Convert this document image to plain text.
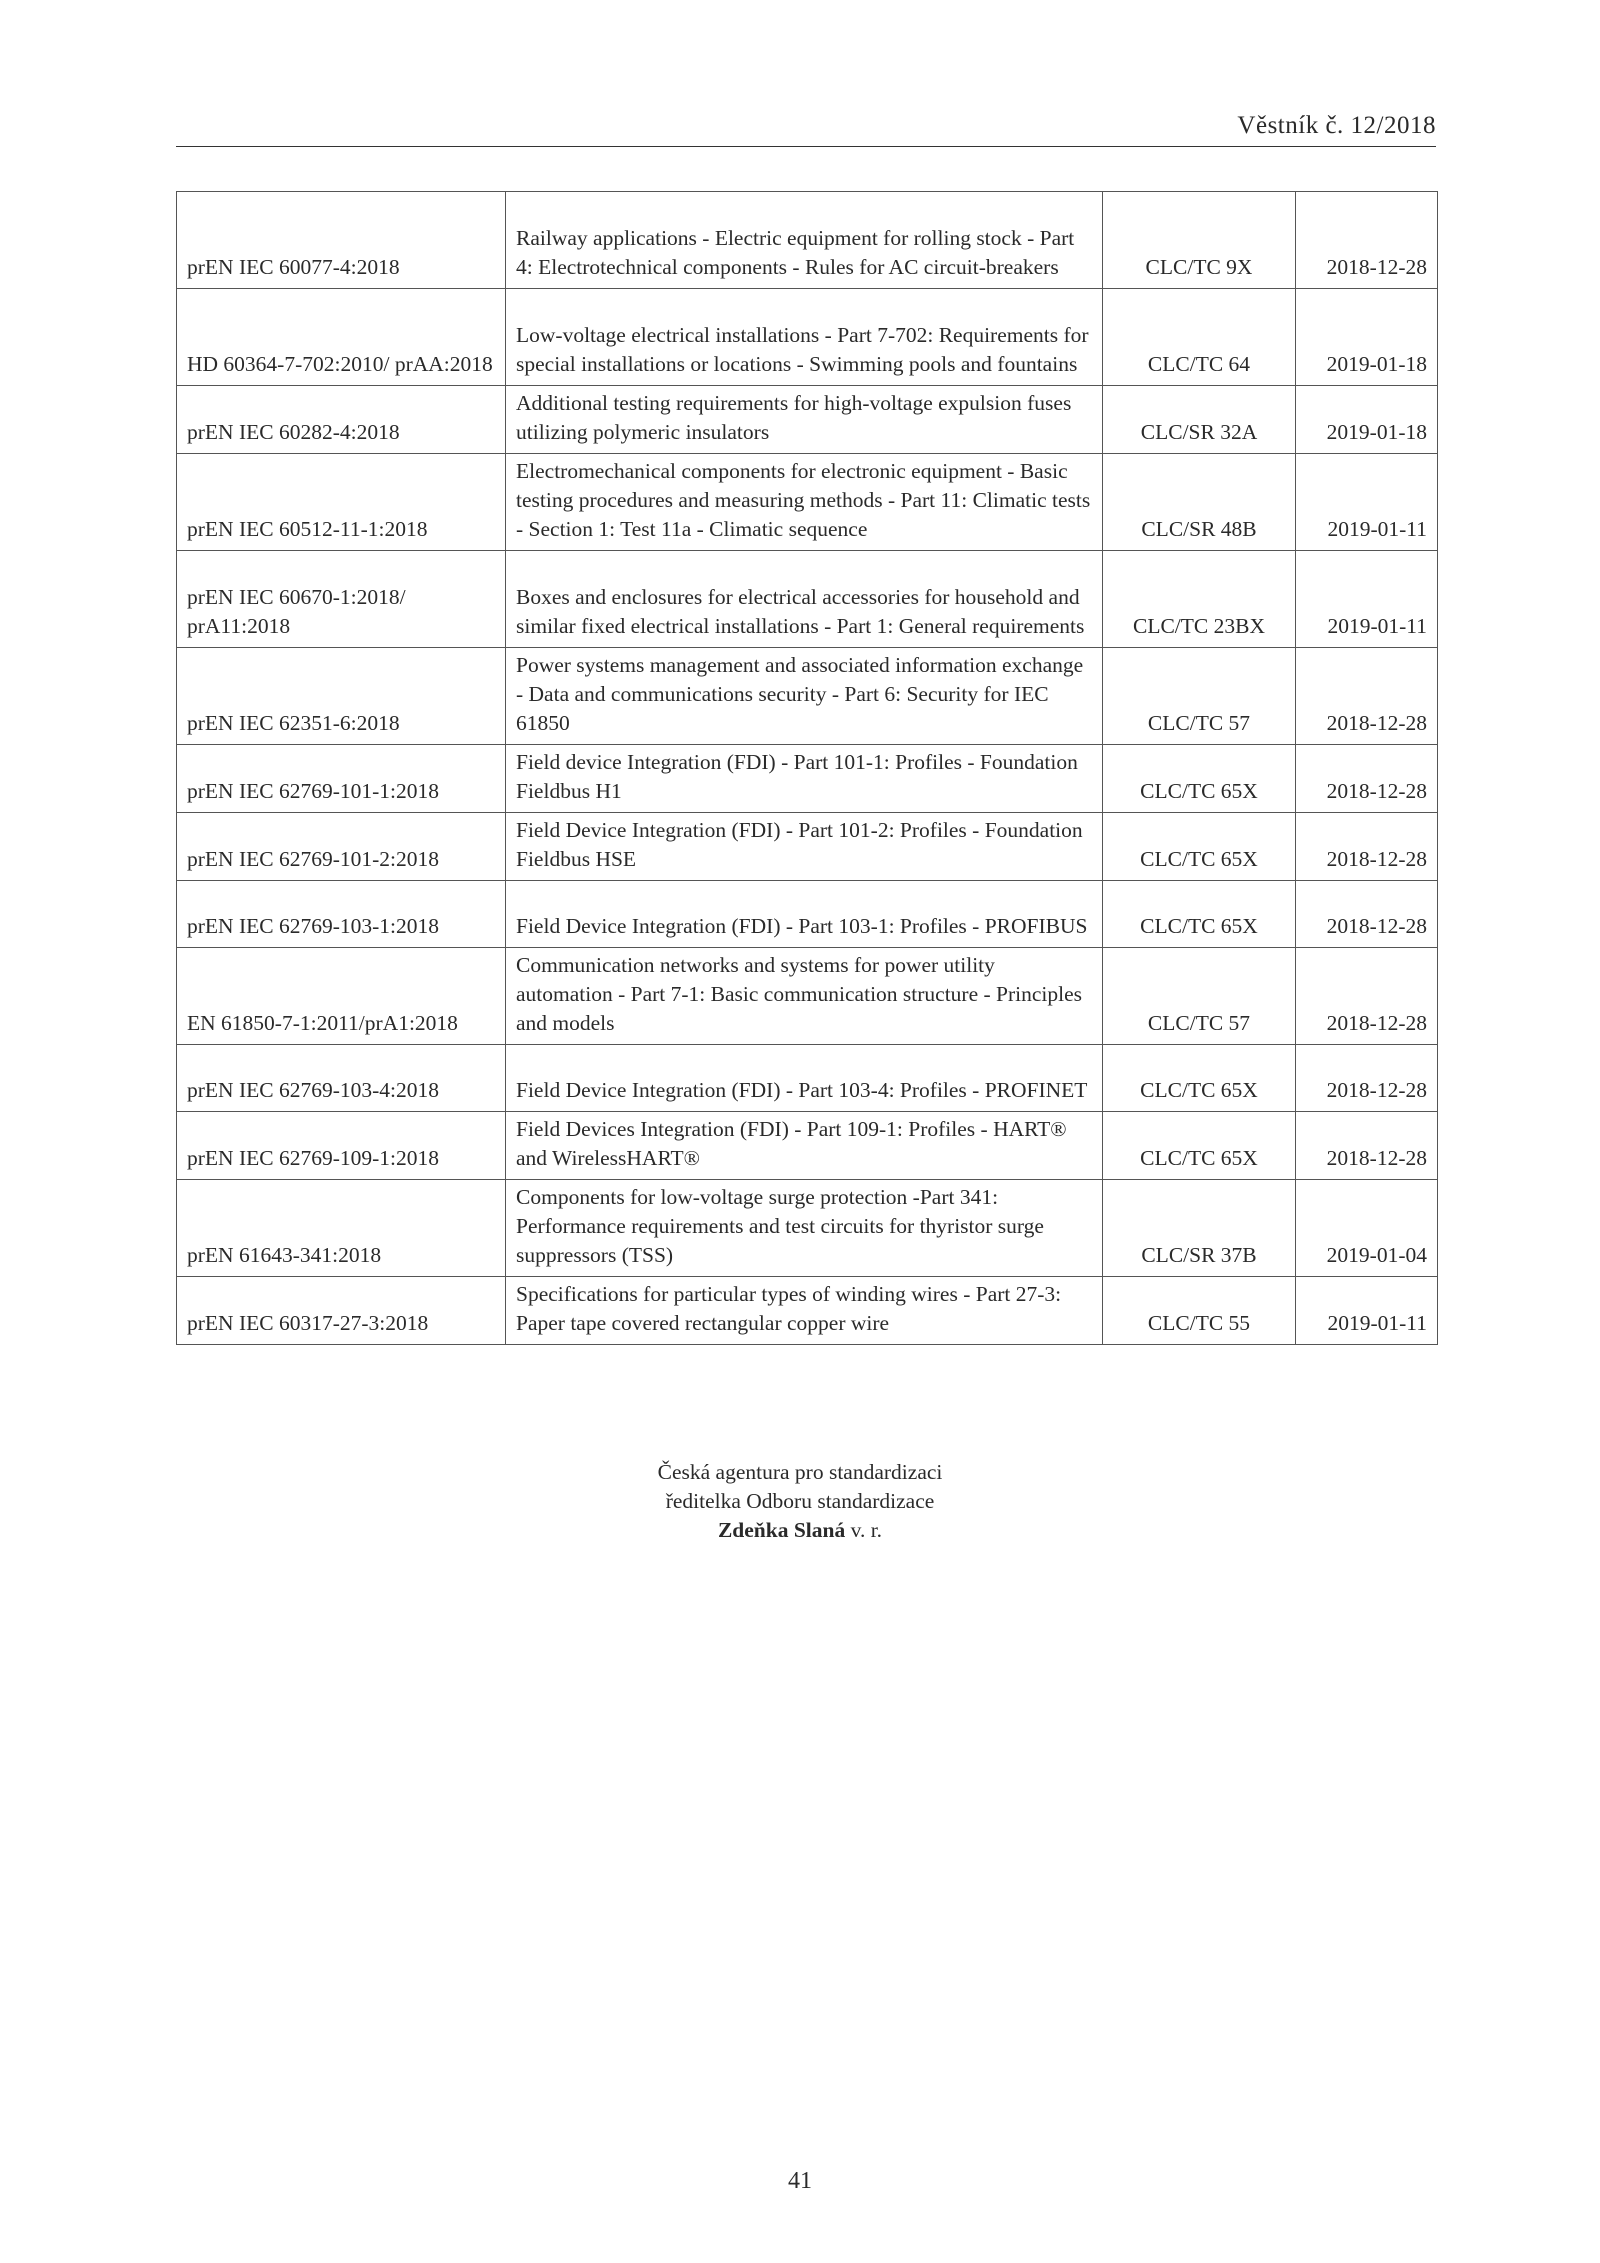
Věstník č. 12/2018
prEN IEC 60077-4:2018	Railway applications - Electric equipment for rolling stock - Part 4: Electrotechnical components - Rules for AC circuit-breakers	CLC/TC 9X	2018-12-28
HD 60364-7-702:2010/ prAA:2018	Low-voltage electrical installations - Part 7-702: Requirements for special installations or locations - Swimming pools and fountains	CLC/TC 64	2019-01-18
prEN IEC 60282-4:2018	Additional testing requirements for high-voltage expulsion fuses utilizing polymeric insulators	CLC/SR 32A	2019-01-18
prEN IEC 60512-11-1:2018	Electromechanical components for electronic equipment - Basic testing procedures and measuring methods - Part 11: Climatic tests - Section 1: Test 11a - Climatic sequence	CLC/SR 48B	2019-01-11
prEN IEC 60670-1:2018/ prA11:2018	Boxes and enclosures for electrical accessories for household and similar fixed electrical installations - Part 1: General requirements	CLC/TC 23BX	2019-01-11
prEN IEC 62351-6:2018	Power systems management and associated information exchange - Data and communications security - Part 6: Security for IEC 61850	CLC/TC 57	2018-12-28
prEN IEC 62769-101-1:2018	Field device Integration (FDI) - Part 101-1: Profiles - Foundation Fieldbus H1	CLC/TC 65X	2018-12-28
prEN IEC 62769-101-2:2018	Field Device Integration (FDI) - Part 101-2: Profiles - Foundation Fieldbus HSE	CLC/TC 65X	2018-12-28
prEN IEC 62769-103-1:2018	Field Device Integration (FDI) - Part 103-1: Profiles - PROFIBUS	CLC/TC 65X	2018-12-28
EN 61850-7-1:2011/prA1:2018	Communication networks and systems for power utility automation - Part 7-1: Basic communication structure - Principles and models	CLC/TC 57	2018-12-28
prEN IEC 62769-103-4:2018	Field Device Integration (FDI) - Part 103-4: Profiles - PROFINET	CLC/TC 65X	2018-12-28
prEN IEC 62769-109-1:2018	Field Devices Integration (FDI) - Part 109-1: Profiles - HART® and WirelessHART®	CLC/TC 65X	2018-12-28
prEN 61643-341:2018	Components for low-voltage surge protection -Part 341: Performance requirements and test circuits for thyristor surge suppressors (TSS)	CLC/SR 37B	2019-01-04
prEN IEC 60317-27-3:2018	Specifications for particular types of winding wires - Part 27-3: Paper tape covered rectangular copper wire	CLC/TC 55	2019-01-11
Česká agentura pro standardizaci
ředitelka Odboru standardizace
Zdeňka Slaná v. r.
41
